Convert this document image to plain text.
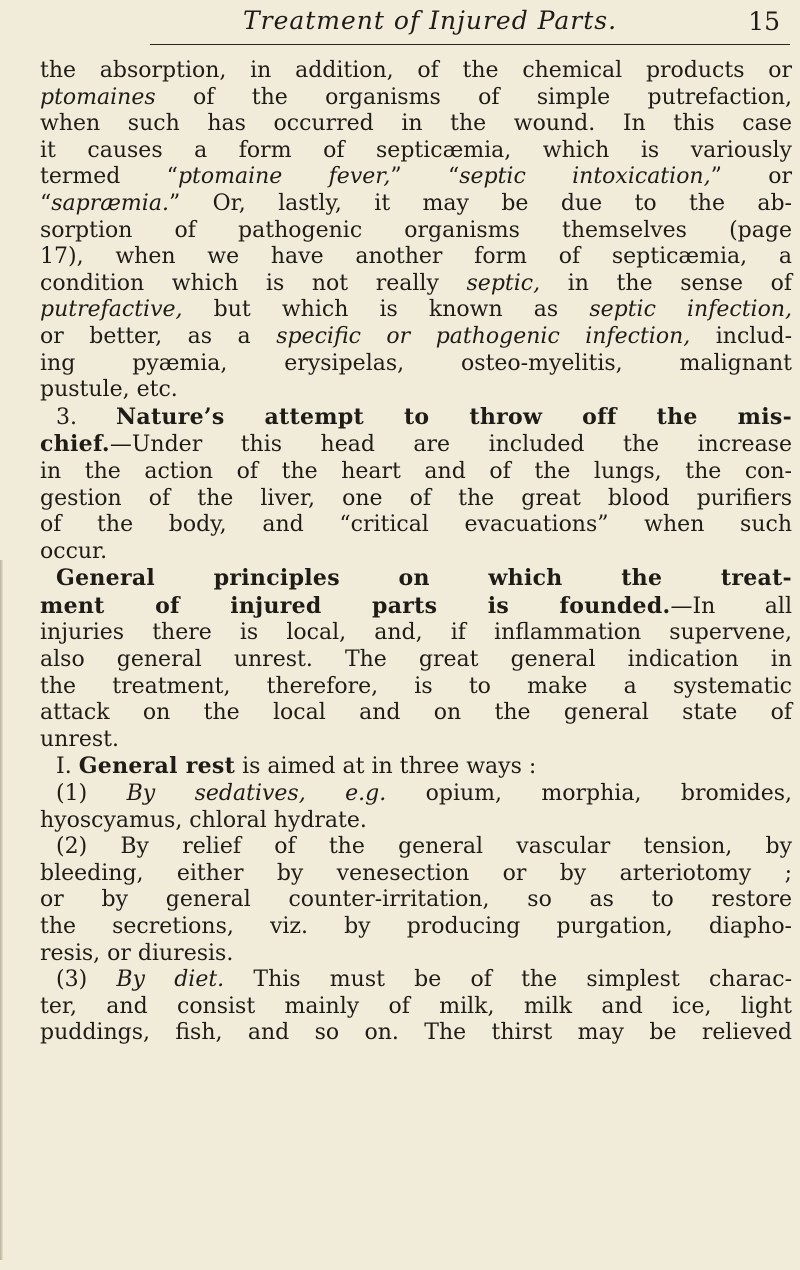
Treatment of Injured Parts.	15
the absorption, in addition, of the chemical products or
ptomaines of the organisms of simple putrefaction,
when such has occurred in the wound. In this case
it causes a form of septicæmia, which is variously
termed “ptomaine fever,” “septic intoxication,” or
“sapræmia.” Or, lastly, it may be due to the ab-
sorption of pathogenic organisms themselves (page
17), when we have another form of septicæmia, a
condition which is not really septic, in the sense of
putrefactive, but which is known as septic infection,
or better, as a specific or pathogenic infection, includ-
ing pyæmia, erysipelas, osteo-myelitis, malignant
pustule, etc.
3. Nature’s attempt to throw off the mis-
chief.—Under this head are included the increase
in the action of the heart and of the lungs, the con-
gestion of the liver, one of the great blood purifiers
of the body, and “critical evacuations” when such
occur.
General principles on which the treat-
ment of injured parts is founded.—In all
injuries there is local, and, if inflammation supervene,
also general unrest. The great general indication in
the treatment, therefore, is to make a systematic
attack on the local and on the general state of
unrest.
I. General rest is aimed at in three ways :
(1) By sedatives, e.g. opium, morphia, bromides,
hyoscyamus, chloral hydrate.
(2) By relief of the general vascular tension, by
bleeding, either by venesection or by arteriotomy ;
or by general counter-irritation, so as to restore
the secretions, viz. by producing purgation, diapho-
resis, or diuresis.
(3) By diet. This must be of the simplest charac-
ter, and consist mainly of milk, milk and ice, light
puddings, fish, and so on. The thirst may be relieved
